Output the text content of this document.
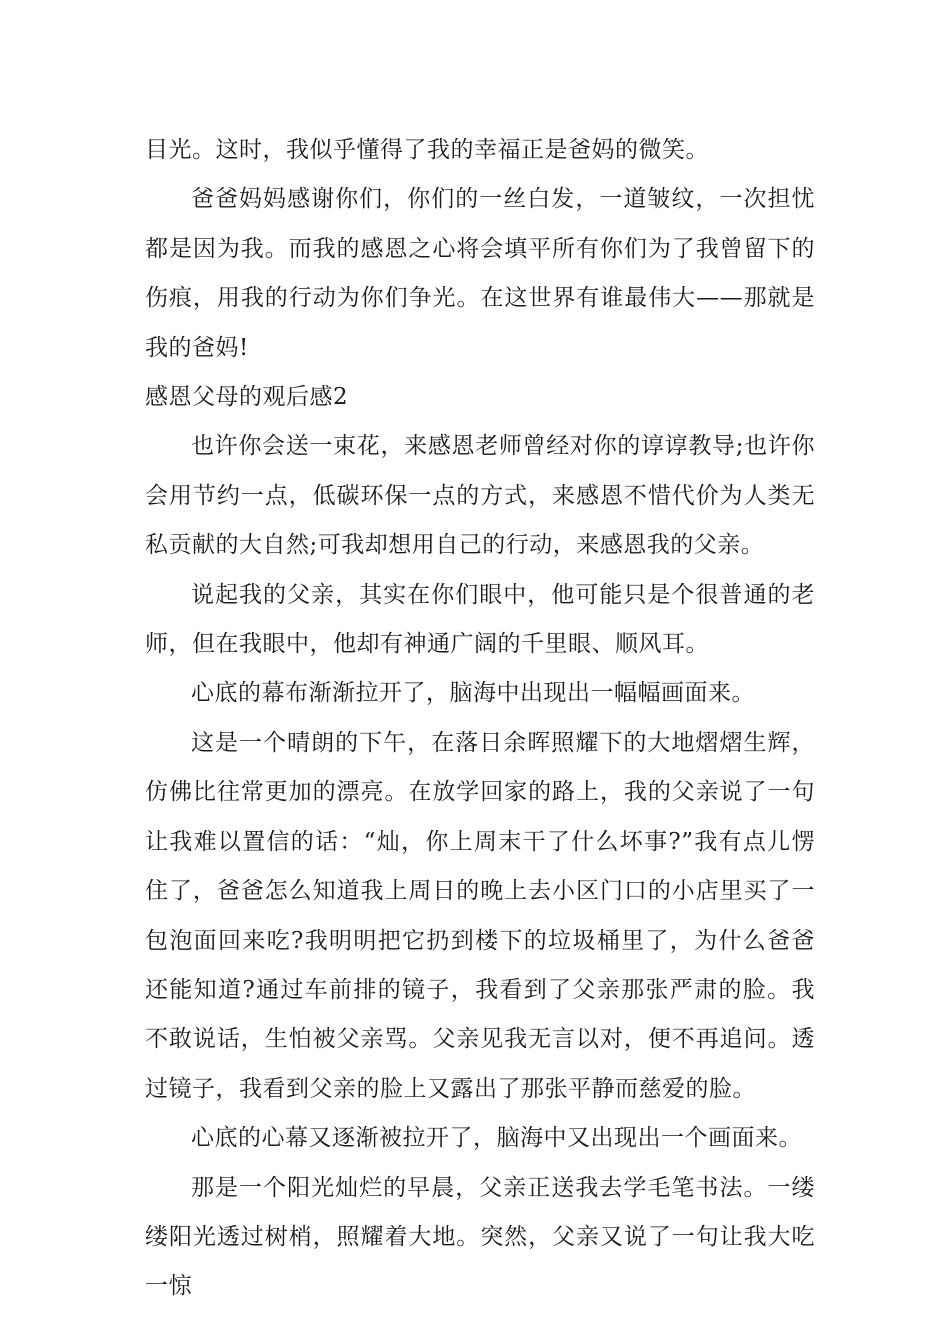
目光。这时，我似乎懂得了我的幸福正是爸妈的微笑。

爸爸妈妈感谢你们，你们的一丝白发，一道皱纹，一次担忧都是因为我。而我的感恩之心将会填平所有你们为了我曾留下的伤痕，用我的行动为你们争光。在这世界有谁最伟大——那就是我的爸妈!

感恩父母的观后感2

也许你会送一束花，来感恩老师曾经对你的谆谆教导;也许你会用节约一点，低碳环保一点的方式，来感恩不惜代价为人类无私贡献的大自然;可我却想用自己的行动，来感恩我的父亲。

说起我的父亲，其实在你们眼中，他可能只是个很普通的老师，但在我眼中，他却有神通广阔的千里眼、顺风耳。

心底的幕布渐渐拉开了，脑海中出现出一幅幅画面来。

这是一个晴朗的下午，在落日余晖照耀下的大地熠熠生辉，仿佛比往常更加的漂亮。在放学回家的路上，我的父亲说了一句让我难以置信的话：“灿，你上周末干了什么坏事?”我有点儿愣住了，爸爸怎么知道我上周日的晚上去小区门口的小店里买了一包泡面回来吃?我明明把它扔到楼下的垃圾桶里了，为什么爸爸还能知道?通过车前排的镜子，我看到了父亲那张严肃的脸。我不敢说话，生怕被父亲骂。父亲见我无言以对，便不再追问。透过镜子，我看到父亲的脸上又露出了那张平静而慈爱的脸。

心底的心幕又逐渐被拉开了，脑海中又出现出一个画面来。

那是一个阳光灿烂的早晨，父亲正送我去学毛笔书法。一缕缕阳光透过树梢，照耀着大地。突然，父亲又说了一句让我大吃一惊
